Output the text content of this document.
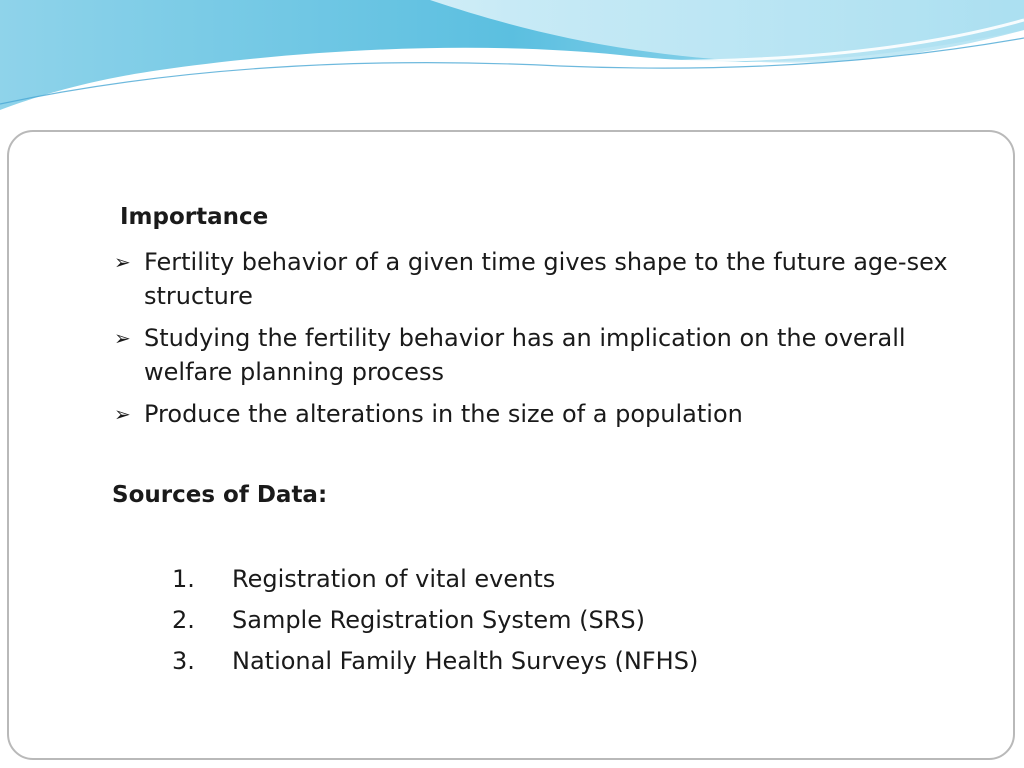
Importance
➢ Fertility behavior of a given time gives shape to the future age-sex structure
➢ Studying the fertility behavior has an implication on the overall welfare planning process
➢ Produce the alterations in the size of a population
Sources of Data:
1. Registration of vital events
2. Sample Registration System (SRS)
3. National Family Health Surveys (NFHS)
